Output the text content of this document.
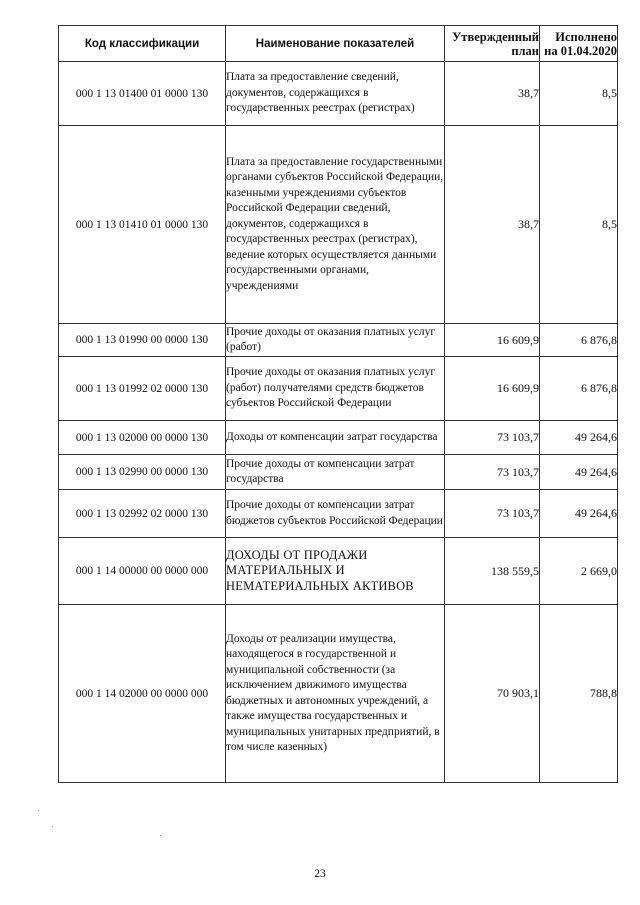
Код классификации	Наименование показателей	Утвержденный план	Исполнено на 01.04.2020
000 1 13 01400 01 0000 130	Плата за предоставление сведений, документов, содержащихся в государственных реестрах (регистрах)	38,7	8,5
000 1 13 01410 01 0000 130	Плата за предоставление государственными органами субъектов Российской Федерации, казенными учреждениями субъектов Российской Федерации сведений, документов, содержащихся в государственных реестрах (регистрах), ведение которых осуществляется данными государственными органами, учреждениями	38,7	8,5
000 1 13 01990 00 0000 130	Прочие доходы от оказания платных услуг (работ)	16 609,9	6 876,8
000 1 13 01992 02 0000 130	Прочие доходы от оказания платных услуг (работ) получателями средств бюджетов субъектов Российской Федерации	16 609,9	6 876,8
000 1 13 02000 00 0000 130	Доходы от компенсации затрат государства	73 103,7	49 264,6
000 1 13 02990 00 0000 130	Прочие доходы от компенсации затрат государства	73 103,7	49 264,6
000 1 13 02992 02 0000 130	Прочие доходы от компенсации затрат бюджетов субъектов Российской Федерации	73 103,7	49 264,6
000 1 14 00000 00 0000 000	ДОХОДЫ ОТ ПРОДАЖИ МАТЕРИАЛЬНЫХ И НЕМАТЕРИАЛЬНЫХ АКТИВОВ	138 559,5	2 669,0
000 1 14 02000 00 0000 000	Доходы от реализации имущества, находящегося в государственной и муниципальной собственности (за исключением движимого имущества бюджетных и автономных учреждений, а также имущества государственных и муниципальных унитарных предприятий, в том числе казенных)	70 903,1	788,8
23
